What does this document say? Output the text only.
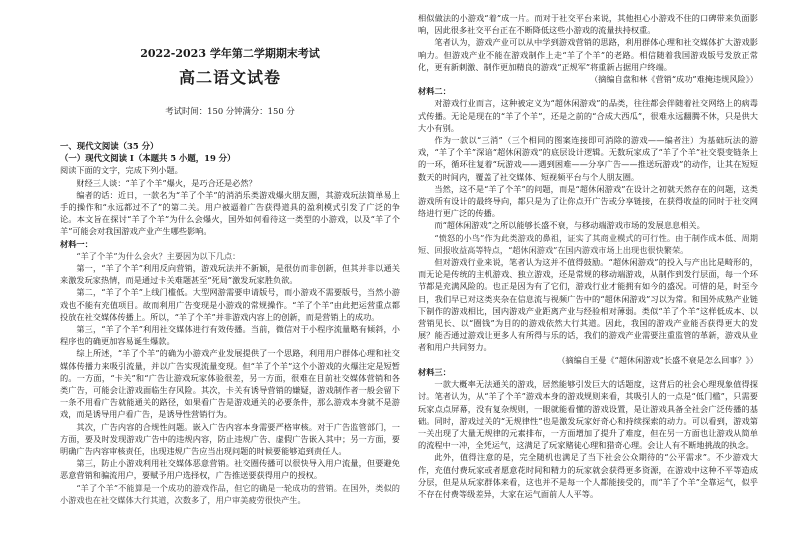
2022-2023 学年第二学期期末考试
高二语文试卷
考试时间：150 分钟满分：150 分
一、现代文阅读（35 分）
（一）现代文阅读 I（本题共 5 小题，19 分）

阅读下面的文字，完成下列小题。

财经三人谈：“羊了个羊”爆火，是巧合还是必然？

编者的话：近日，一款名为“羊了个羊”的消消乐类游戏爆火朋友圈，其游戏玩法简单易上手的操作和“永远都过不了”的第二关。用户被逼着广告获得道具的盈利模式引发了广泛的争论。本文旨在探讨“羊了个羊”为什么会爆火，国外如何看待这一类型的小游戏，以及“羊了个羊”可能会对我国游戏产业产生哪些影响。

材料一：

“羊了个羊”为什么会火？主要因为以下几点：

第一，“羊了个羊”利用反向营销，游戏玩法并不新颖，是很仿而非创新，但其并非以通关来激发玩家热情，而是通过卡关难题甚至“死局”激发玩家胜负欲。

第二，“羊了个羊”上线门槛低。大型网游需要申请版号，而小游戏不需要版号，当然小游戏也不能有充值项目。故而利用广告变现是小游戏的常规操作。“羊了个羊”由此把运营重点都投放在社交媒体传播上。所以，“羊了个羊”并非游戏内容上的创新，而是营销上的成功。

第三，“羊了个羊”利用社交媒体进行有效传播。当前，微信对于小程序流量略有倾斜，小程序也的确更加容易诞生爆款。

综上所述，“羊了个羊”的确为小游戏产业发展提供了一个思路，利用用户群体心理和社交媒体传播力来吸引流量，并以广告实现流量变现。但“羊了个羊”这个小游戏的火爆注定是短暂的。一方面，“卡关”和“广告让游戏玩家体验很差，另一方面，很难在目前社交媒体营销和各类广告，可能会让游戏面临生存风险。其次，卡关有诱导营销的嫌疑，游戏制作者一般会留下一条不用看广告就能通关的路径，如果看广告是游戏通关的必要条件，那么游戏本身就不是游戏，而是诱导用户看广告，是诱导性营销行为。

其次，广告内容的合规性问题。嵌入广告内容本身需要严格审核。对于广告监管部门，一方面，要及时发现游戏广告中的违规内容，防止违规广告、虚假广告嵌入其中；另一方面，要明确广告内容审核责任，出现违规广告应当出现问题的时候要能够追到责任人。

第三，防止小游戏利用社交媒体恶意营销。社交圈传播可以很快导入用户流量，但要避免恶意营销和骗流用户，要赋予用户选择权，广告推送要获得用户的授权。

“羊了个羊”不能算是一个成功的游戏作品，但它的确是一轮成功的营销。在国外，类似的小游戏也在社交媒体大行其道，次数多了，用户审美疲劳很快产生。

相似做法的小游戏“着”成一片。而对于社交平台来说，其他担心小游戏不住的口碑带来负面影响，因此很多社交平台正在不断降低这些小游戏的流量扶持权重。

笔者认为，游戏产业可以从中学到游戏营销的思路，利用群体心理和社交媒体扩大游戏影响力。但游戏产业不能在游戏制作上走“羊了个羊”的老路。相信随着我国游戏版号发放正常化，更有新刺激、制作更加精良的游戏“正规军”将重新占据用户终端。

（摘编自盘和林《营销“成功”难掩违规风险》）

材料二：

对游戏行业而言，这种被定义为“超休闲游戏”的品类，往往都会伴随着社交网络上的病毒式传播。无论是现在的“羊了个羊”，还是之前的“合成大西瓜”，很难永远翻腾不休，只是供大大小有别。

作为一款以“三消”（三个相同的图案连接即可消除的游戏——编者注）为基础玩法的游戏，“羊了个羊”深谙“超休闲游戏”的底层设计逻辑。无数玩家成了“羊了个羊”社交裂变链条上的一环，循环往复着“玩游戏——遇到困难——分享广告——推送玩游戏”的动作，让其在短短数天的时间内，覆盖了社交媒体、短视频平台与个人朋友圈。

当然，这不是“羊了个羊”的问题，而是“超休闲游戏”在设计之初就天然存在的问题，这类游戏所有设计的最终导向，都只是为了让你点开广告或分享链接，在获得收益的同时于社交网络进行更广泛的传播。

而“超休闲游戏”之所以能够长盛不衰，与移动端游戏市场的发展息息相关。

“愤怒的小鸟”作为此类游戏的鼻祖，证实了其商业模式的可行性。由于制作成本低、周期短、回报收益高等特点，“超休闲游戏”在国内游戏市场上出现也很快繁荣。

但对游戏行业来说，笔者认为这并不值得鼓励。“超休闲游戏”的投入与产出比是畸形的，而无论是传统的主机游戏、独立游戏，还是常规的移动端游戏，从制作到发行层面，每一个环节都是充满风险的。也正是因为有了它们，游戏行业才能拥有如今的盛况。可惜的是，时至今日，我们早已对这类夹杂在信息流与视频广告中的“超休闲游戏”习以为常。和国外成熟产业链下制作的游戏相比，国内游戏产业距离产业与经验相对薄弱。类似“羊了个羊”这样低成本、以营销见长、以“圈钱”为目的的游戏依然大行其道。因此，我国的游戏产业能否获得更大的发展？能否通过游戏让更多人有所得与乐的话，我们的游戏产业需要注重监管的革新，游戏从业者和用户共同努力。

（摘编自王曼《“超休闲游戏”长盛不衰是怎么回事？》）

材料三：

一款大概率无法通关的游戏，居然能够引发巨大的话题度，这背后的社会心理现象值得探讨。笔者认为，从“羊了个羊”游戏本身的游戏规则来看，其吸引人的一点是“低门槛”，只需要玩家点点屏幕，没有复杂规则，一眼就能看懂的游戏设置，是让游戏具备全社会广泛传播的基础。同时，游戏过关的“无规律性”也是激发玩家好奇心和持续探索的动力。可以看到，游戏第一关出现了大量无规律的元素排布，一方面增加了提升了难度，但在另一方面也让游戏从简单的流程中一冲，全凭运气，这满足了玩家赌徒心理和猎奇心理。会让人有不断地挑战的执念。

此外，值得注意的是，完全随机也满足了当下社会公众期待的“公平需求”。不少游戏大作，充值付费玩家或者愿意花时间和精力的玩家就会获得更多资源，在游戏中这种不平等造成分层，但是从玩家群体来看，这也并不是每一个人都能接受的，而“羊了个羊”全靠运气，似乎不存在付费等级差异，大家在运气面前人人平等。
